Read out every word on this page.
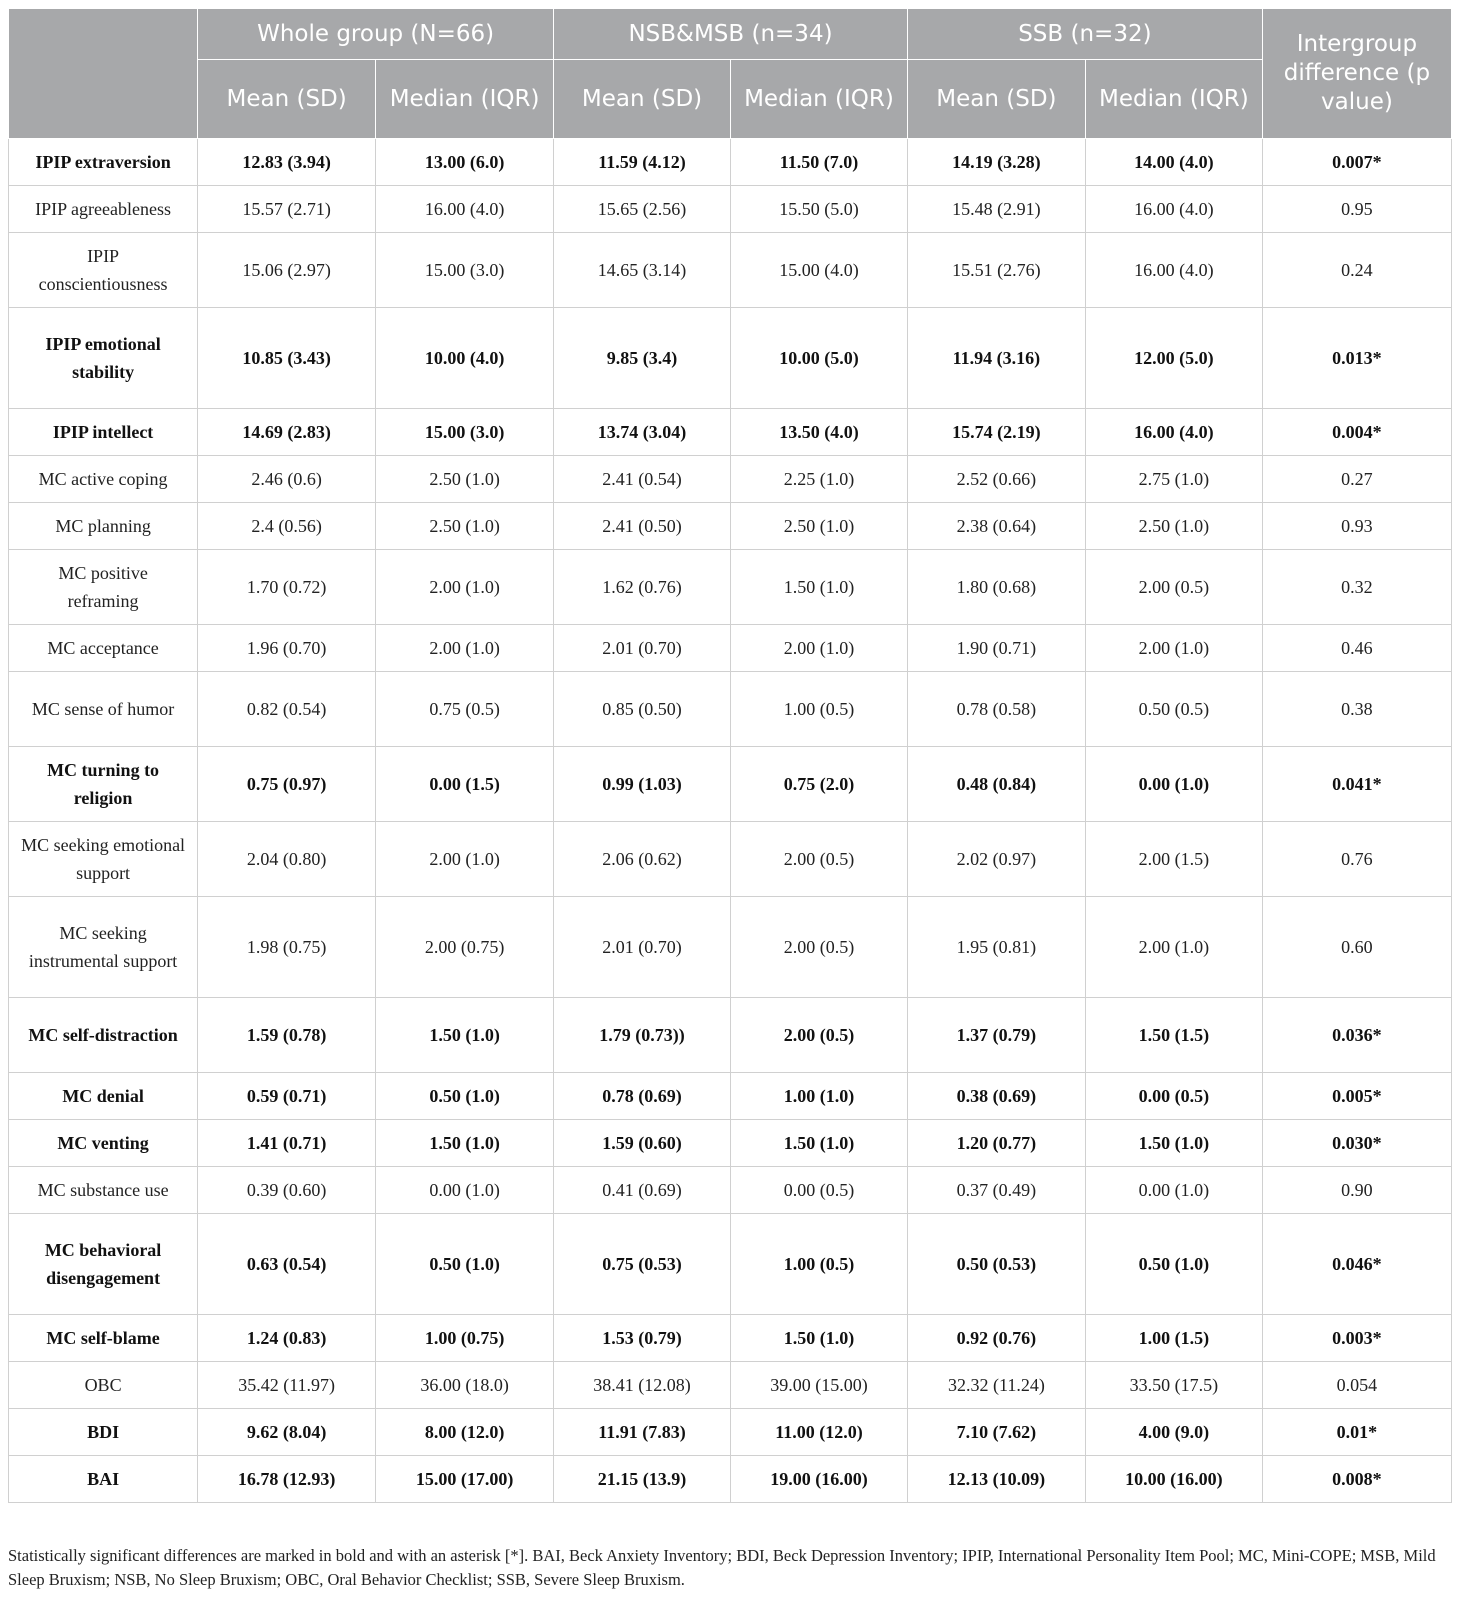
	Whole group (N=66)		NSB&MSB (n=34)		SSB (n=32)		Intergroup difference (p value)
	Mean (SD)	Median (IQR)	Mean (SD)	Median (IQR)	Mean (SD)	Median (IQR)	
IPIP extraversion	12.83 (3.94)	13.00 (6.0)	11.59 (4.12)	11.50 (7.0)	14.19 (3.28)	14.00 (4.0)	0.007*
IPIP agreeableness	15.57 (2.71)	16.00 (4.0)	15.65 (2.56)	15.50 (5.0)	15.48 (2.91)	16.00 (4.0)	0.95
IPIP conscientiousness	15.06 (2.97)	15.00 (3.0)	14.65 (3.14)	15.00 (4.0)	15.51 (2.76)	16.00 (4.0)	0.24
IPIP emotional stability	10.85 (3.43)	10.00 (4.0)	9.85 (3.4)	10.00 (5.0)	11.94 (3.16)	12.00 (5.0)	0.013*
IPIP intellect	14.69 (2.83)	15.00 (3.0)	13.74 (3.04)	13.50 (4.0)	15.74 (2.19)	16.00 (4.0)	0.004*
MC active coping	2.46 (0.6)	2.50 (1.0)	2.41 (0.54)	2.25 (1.0)	2.52 (0.66)	2.75 (1.0)	0.27
MC planning	2.4 (0.56)	2.50 (1.0)	2.41 (0.50)	2.50 (1.0)	2.38 (0.64)	2.50 (1.0)	0.93
MC positive reframing	1.70 (0.72)	2.00 (1.0)	1.62 (0.76)	1.50 (1.0)	1.80 (0.68)	2.00 (0.5)	0.32
MC acceptance	1.96 (0.70)	2.00 (1.0)	2.01 (0.70)	2.00 (1.0)	1.90 (0.71)	2.00 (1.0)	0.46
MC sense of humor	0.82 (0.54)	0.75 (0.5)	0.85 (0.50)	1.00 (0.5)	0.78 (0.58)	0.50 (0.5)	0.38
MC turning to religion	0.75 (0.97)	0.00 (1.5)	0.99 (1.03)	0.75 (2.0)	0.48 (0.84)	0.00 (1.0)	0.041*
MC seeking emotional support	2.04 (0.80)	2.00 (1.0)	2.06 (0.62)	2.00 (0.5)	2.02 (0.97)	2.00 (1.5)	0.76
MC seeking instrumental support	1.98 (0.75)	2.00 (0.75)	2.01 (0.70)	2.00 (0.5)	1.95 (0.81)	2.00 (1.0)	0.60
MC self-distraction	1.59 (0.78)	1.50 (1.0)	1.79 (0.73))	2.00 (0.5)	1.37 (0.79)	1.50 (1.5)	0.036*
MC denial	0.59 (0.71)	0.50 (1.0)	0.78 (0.69)	1.00 (1.0)	0.38 (0.69)	0.00 (0.5)	0.005*
MC venting	1.41 (0.71)	1.50 (1.0)	1.59 (0.60)	1.50 (1.0)	1.20 (0.77)	1.50 (1.0)	0.030*
MC substance use	0.39 (0.60)	0.00 (1.0)	0.41 (0.69)	0.00 (0.5)	0.37 (0.49)	0.00 (1.0)	0.90
MC behavioral disengagement	0.63 (0.54)	0.50 (1.0)	0.75 (0.53)	1.00 (0.5)	0.50 (0.53)	0.50 (1.0)	0.046*
MC self-blame	1.24 (0.83)	1.00 (0.75)	1.53 (0.79)	1.50 (1.0)	0.92 (0.76)	1.00 (1.5)	0.003*
OBC	35.42 (11.97)	36.00 (18.0)	38.41 (12.08)	39.00 (15.00)	32.32 (11.24)	33.50 (17.5)	0.054
BDI	9.62 (8.04)	8.00 (12.0)	11.91 (7.83)	11.00 (12.0)	7.10 (7.62)	4.00 (9.0)	0.01*
BAI	16.78 (12.93)	15.00 (17.00)	21.15 (13.9)	19.00 (16.00)	12.13 (10.09)	10.00 (16.00)	0.008*
Statistically significant differences are marked in bold and with an asterisk [*]. BAI, Beck Anxiety Inventory; BDI, Beck Depression Inventory; IPIP, International Personality Item Pool; MC, Mini-COPE; MSB, Mild Sleep Bruxism; NSB, No Sleep Bruxism; OBC, Oral Behavior Checklist; SSB, Severe Sleep Bruxism.
